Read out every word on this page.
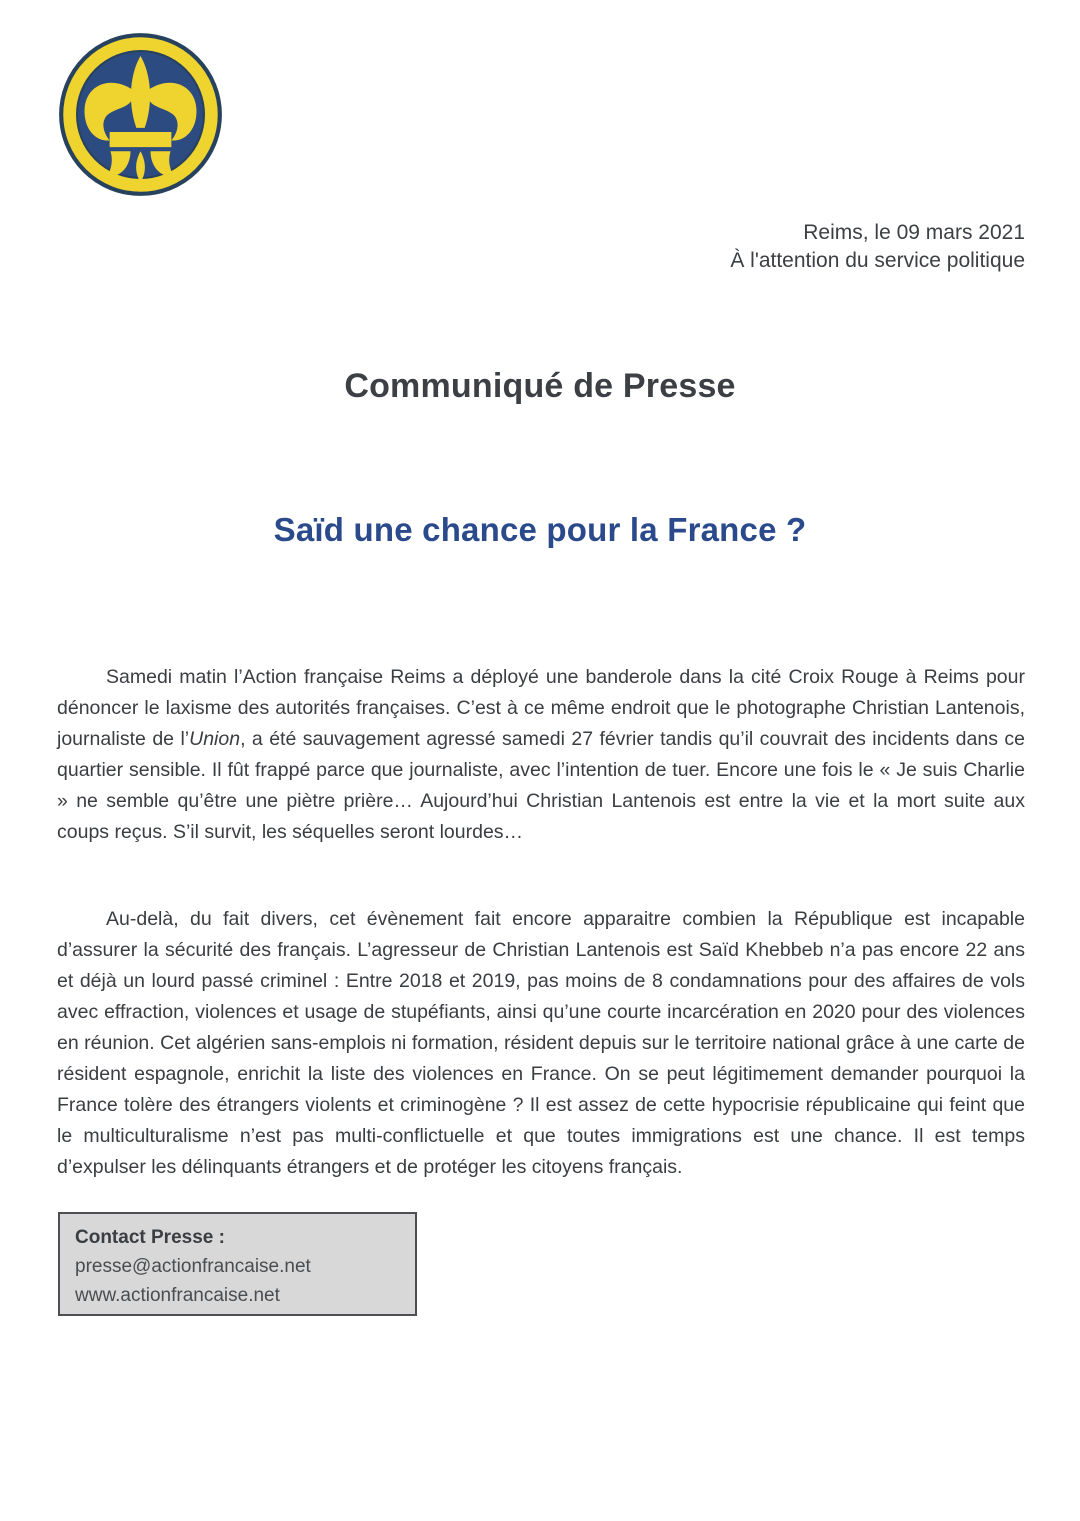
Reims, le 09 mars 2021
À l'attention du service politique
Communiqué de Presse
Saïd une chance pour la France ?

Samedi matin l’Action française Reims a déployé une banderole dans la cité Croix Rouge à Reims pour dénoncer le laxisme des autorités françaises. C’est à ce même endroit que le photographe Christian Lantenois, journaliste de l’Union, a été sauvagement agressé samedi 27 février tandis qu’il couvrait des incidents dans ce quartier sensible. Il fût frappé parce que journaliste, avec l’intention de tuer. Encore une fois le « Je suis Charlie » ne semble qu’être une piètre prière… Aujourd’hui Christian Lantenois est entre la vie et la mort suite aux coups reçus. S’il survit, les séquelles seront lourdes…

Au-delà, du fait divers, cet évènement fait encore apparaitre combien la République est incapable d’assurer la sécurité des français. L’agresseur de Christian Lantenois est Saïd Khebbeb n’a pas encore 22 ans et déjà un lourd passé criminel : Entre 2018 et 2019, pas moins de 8 condamnations pour des affaires de vols avec effraction, violences et usage de stupéfiants, ainsi qu’une courte incarcération en 2020 pour des violences en réunion. Cet algérien sans-emplois ni formation, résident depuis sur le territoire national grâce à une carte de résident espagnole, enrichit la liste des violences en France. On se peut légitimement demander pourquoi la France tolère des étrangers violents et criminogène ? Il est assez de cette hypocrisie républicaine qui feint que le multiculturalisme n’est pas multi-conflictuelle et que toutes immigrations est une chance. Il est temps d’expulser les délinquants étrangers et de protéger les citoyens français.

Contact Presse :
presse@actionfrancaise.net
www.actionfrancaise.net
